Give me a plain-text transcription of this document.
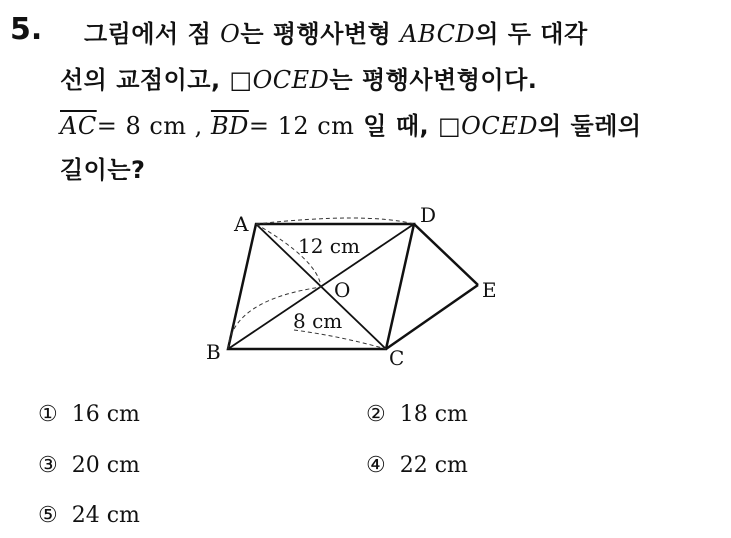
5. 그림에서 점 O는 평행사변형 ABCD의 두 대각
선의 교점이고, □OCED는 평행사변형이다.
$\overline{AC}= 8$ cm , $\overline{BD}= 12$ cm 일 때, □OCED의 둘레의
길이는?
A	D
E
B	C
O
12 cm
8 cm
① 16 cm	② 18 cm
③ 20 cm	④ 22 cm
⑤ 24 cm
